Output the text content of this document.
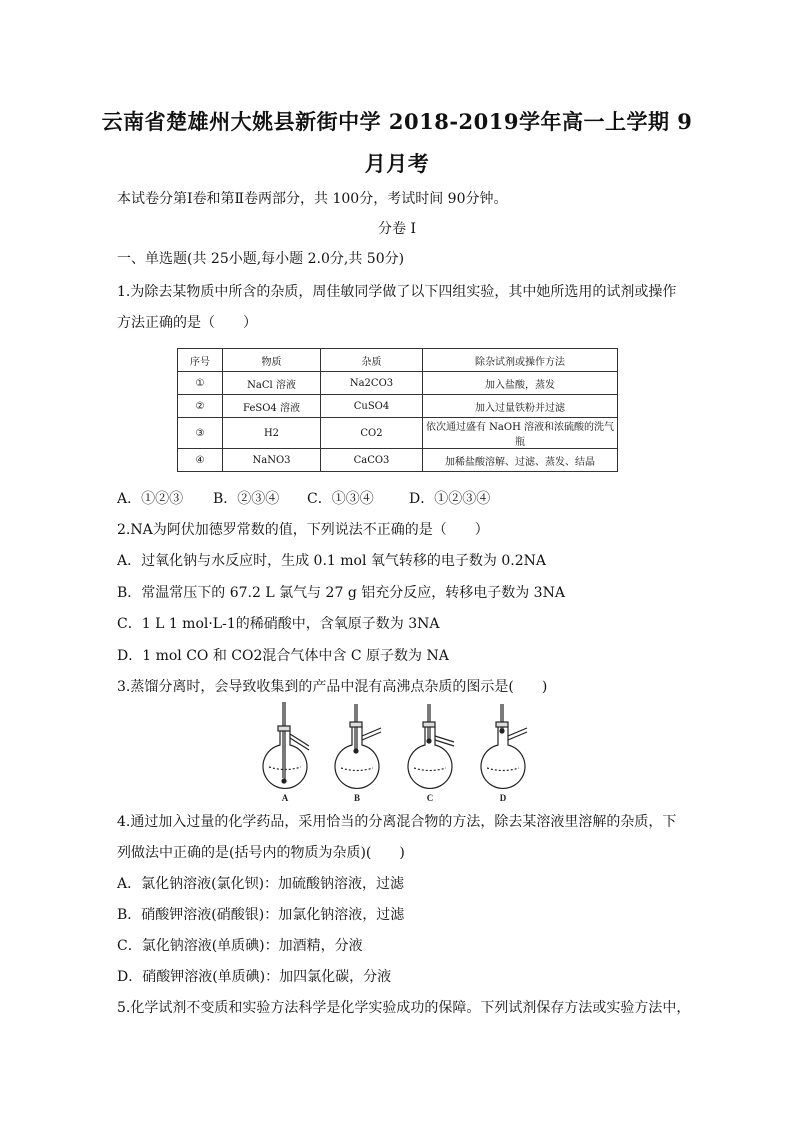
云南省楚雄州大姚县新街中学 2018-2019学年高一上学期 9
月月考
本试卷分第Ⅰ卷和第Ⅱ卷两部分，共 100分，考试时间 90分钟。
分卷 I
一、单选题(共 25小题,每小题 2.0分,共 50分)
1.为除去某物质中所含的杂质，周佳敏同学做了以下四组实验，其中她所选用的试剂或操作
方法正确的是（　　）
序号	物质	杂质	除杂试剂或操作方法
①	NaCl 溶液	Na2CO3	加入盐酸，蒸发
②	FeSO4 溶液	CuSO4	加入过量铁粉并过滤
③	H2	CO2	依次通过盛有 NaOH 溶液和浓硫酸的洗气瓶
④	NaNO3	CaCO3	加稀盐酸溶解、过滤、蒸发、结晶
A．①②③ B．②③④ C．①③④	D．①②③④
2.NA为阿伏加德罗常数的值，下列说法不正确的是（　　）
A．过氧化钠与水反应时，生成 0.1 mol 氧气转移的电子数为 0.2NA
B．常温常压下的 67.2 L 氯气与 27 g 铝充分反应，转移电子数为 3NA
C．1 L 1 mol·L-1的稀硝酸中，含氧原子数为 3NA
D．1 mol CO 和 CO2混合气体中含 C 原子数为 NA
3.蒸馏分离时，会导致收集到的产品中混有高沸点杂质的图示是(　　)
A	B	C	D
4.通过加入过量的化学药品，采用恰当的分离混合物的方法，除去某溶液里溶解的杂质，下
列做法中正确的是(括号内的物质为杂质)(　　)
A．氯化钠溶液(氯化钡)：加硫酸钠溶液，过滤
B．硝酸钾溶液(硝酸银)：加氯化钠溶液，过滤
C．氯化钠溶液(单质碘)：加酒精，分液
D．硝酸钾溶液(单质碘)：加四氯化碳，分液
5.化学试剂不变质和实验方法科学是化学实验成功的保障。下列试剂保存方法或实验方法中，
